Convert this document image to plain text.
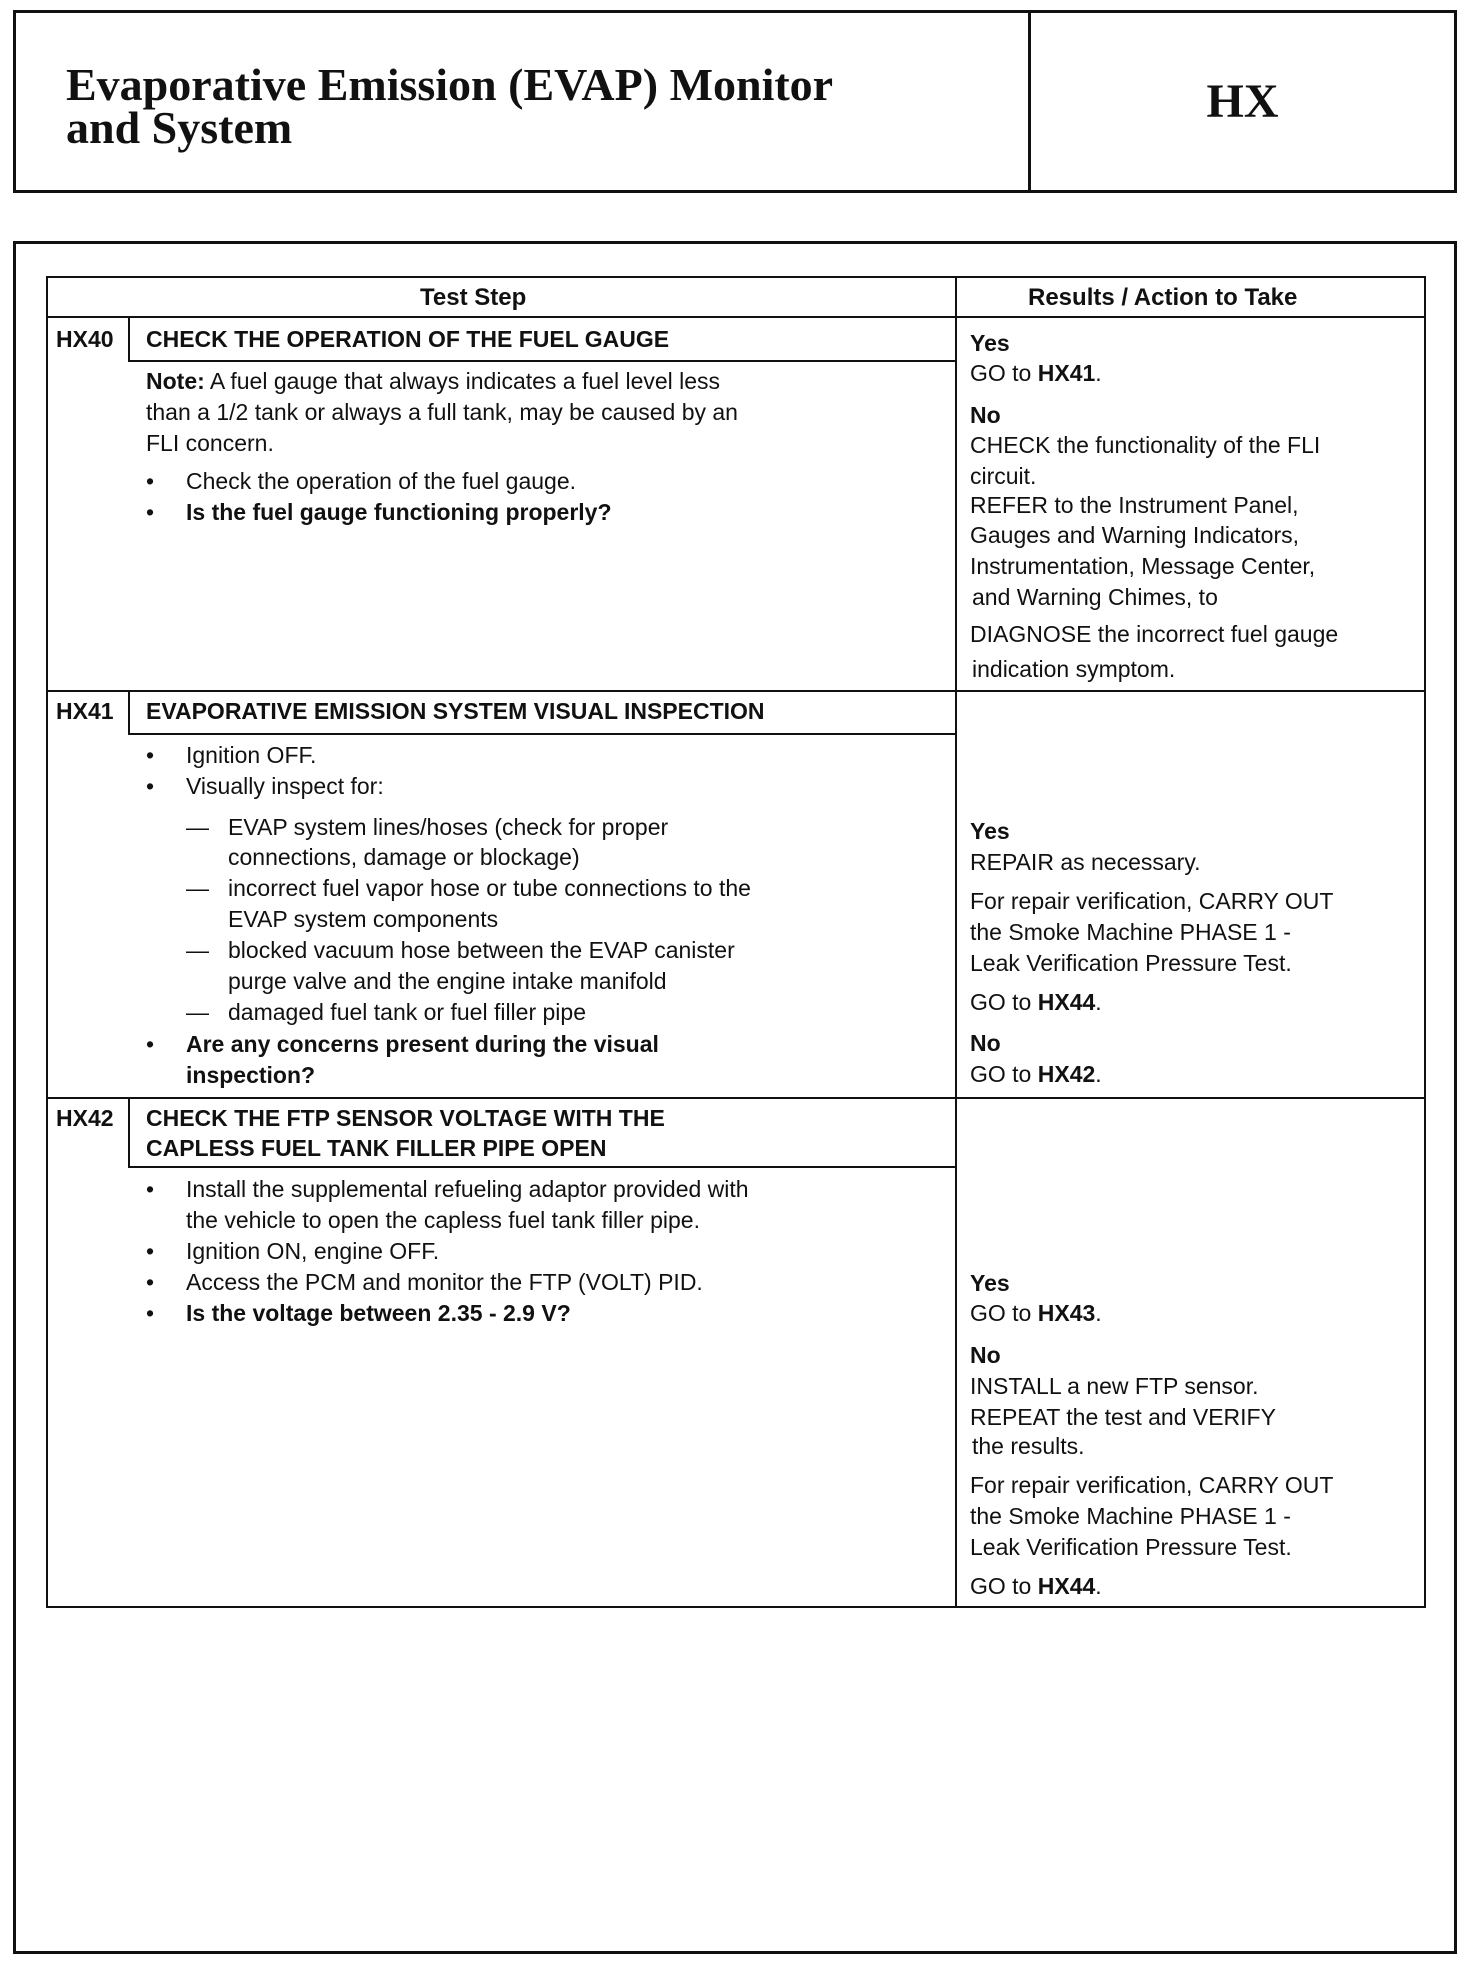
Evaporative Emission (EVAP) Monitor
and System	HX
Test Step	Results / Action to Take
HX40 CHECK THE OPERATION OF THE FUEL GAUGE
Note: A fuel gauge that always indicates a fuel level less
than a 1/2 tank or always a full tank, may be caused by an
FLI concern.
• Check the operation of the fuel gauge.
• Is the fuel gauge functioning properly?
Yes
GO to HX41.
No
CHECK the functionality of the FLI
circuit.
REFER to the Instrument Panel,
Gauges and Warning Indicators,
Instrumentation, Message Center,
and Warning Chimes, to
DIAGNOSE the incorrect fuel gauge
indication symptom.
HX41 EVAPORATIVE EMISSION SYSTEM VISUAL INSPECTION
• Ignition OFF.
• Visually inspect for:
— EVAP system lines/hoses (check for proper
connections, damage or blockage)
— incorrect fuel vapor hose or tube connections to the
EVAP system components
— blocked vacuum hose between the EVAP canister
purge valve and the engine intake manifold
— damaged fuel tank or fuel filler pipe
• Are any concerns present during the visual
inspection?
Yes
REPAIR as necessary.
For repair verification, CARRY OUT
the Smoke Machine PHASE 1 -
Leak Verification Pressure Test.
GO to HX44.
No
GO to HX42.
HX42 CHECK THE FTP SENSOR VOLTAGE WITH THE
CAPLESS FUEL TANK FILLER PIPE OPEN
• Install the supplemental refueling adaptor provided with
the vehicle to open the capless fuel tank filler pipe.
• Ignition ON, engine OFF.
• Access the PCM and monitor the FTP (VOLT) PID.
• Is the voltage between 2.35 - 2.9 V?
Yes
GO to HX43.
No
INSTALL a new FTP sensor.
REPEAT the test and VERIFY
the results.
For repair verification, CARRY OUT
the Smoke Machine PHASE 1 -
Leak Verification Pressure Test.
GO to HX44.
